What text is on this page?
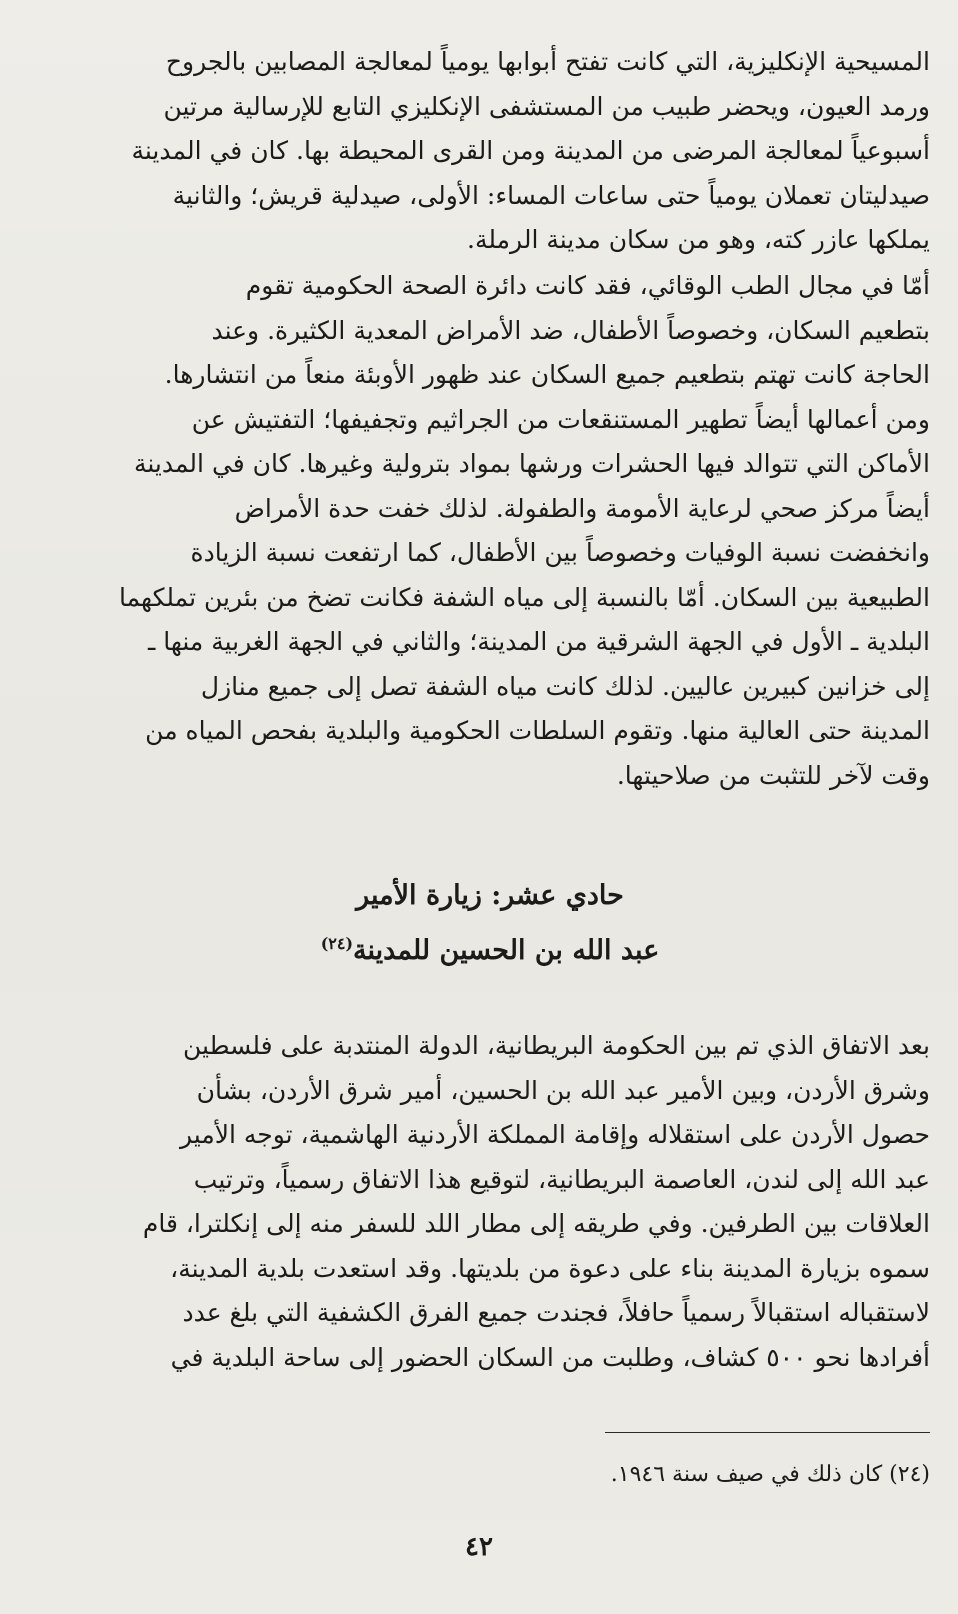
المسيحية الإنكليزية، التي كانت تفتح أبوابها يومياً لمعالجة المصابين بالجروح
ورمد العيون، ويحضر طبيب من المستشفى الإنكليزي التابع للإرسالية مرتين
أسبوعياً لمعالجة المرضى من المدينة ومن القرى المحيطة بها. كان في المدينة
صيدليتان تعملان يومياً حتى ساعات المساء: الأولى، صيدلية قريش؛ والثانية
يملكها عازر كته، وهو من سكان مدينة الرملة.
أمّا في مجال الطب الوقائي، فقد كانت دائرة الصحة الحكومية تقوم
بتطعيم السكان، وخصوصاً الأطفال، ضد الأمراض المعدية الكثيرة. وعند
الحاجة كانت تهتم بتطعيم جميع السكان عند ظهور الأوبئة منعاً من انتشارها.
ومن أعمالها أيضاً تطهير المستنقعات من الجراثيم وتجفيفها؛ التفتيش عن
الأماكن التي تتوالد فيها الحشرات ورشها بمواد بترولية وغيرها. كان في المدينة
أيضاً مركز صحي لرعاية الأمومة والطفولة. لذلك خفت حدة الأمراض
وانخفضت نسبة الوفيات وخصوصاً بين الأطفال، كما ارتفعت نسبة الزيادة
الطبيعية بين السكان. أمّا بالنسبة إلى مياه الشفة فكانت تضخ من بئرين تملكهما
البلدية ـ الأول في الجهة الشرقية من المدينة؛ والثاني في الجهة الغربية منها ـ
إلى خزانين كبيرين عاليين. لذلك كانت مياه الشفة تصل إلى جميع منازل
المدينة حتى العالية منها. وتقوم السلطات الحكومية والبلدية بفحص المياه من
وقت لآخر للتثبت من صلاحيتها.
حادي عشر: زيارة الأمير
عبد الله بن الحسين للمدينة$^{(٢٤)}$
بعد الاتفاق الذي تم بين الحكومة البريطانية، الدولة المنتدبة على فلسطين
وشرق الأردن، وبين الأمير عبد الله بن الحسين، أمير شرق الأردن، بشأن
حصول الأردن على استقلاله وإقامة المملكة الأردنية الهاشمية، توجه الأمير
عبد الله إلى لندن، العاصمة البريطانية، لتوقيع هذا الاتفاق رسمياً، وترتيب
العلاقات بين الطرفين. وفي طريقه إلى مطار اللد للسفر منه إلى إنكلترا، قام
سموه بزيارة المدينة بناء على دعوة من بلديتها. وقد استعدت بلدية المدينة،
لاستقباله استقبالاً رسمياً حافلاً، فجندت جميع الفرق الكشفية التي بلغ عدد
أفرادها نحو ٥٠٠ كشاف، وطلبت من السكان الحضور إلى ساحة البلدية في
(٢٤) كان ذلك في صيف سنة ١٩٤٦.
٤٢
